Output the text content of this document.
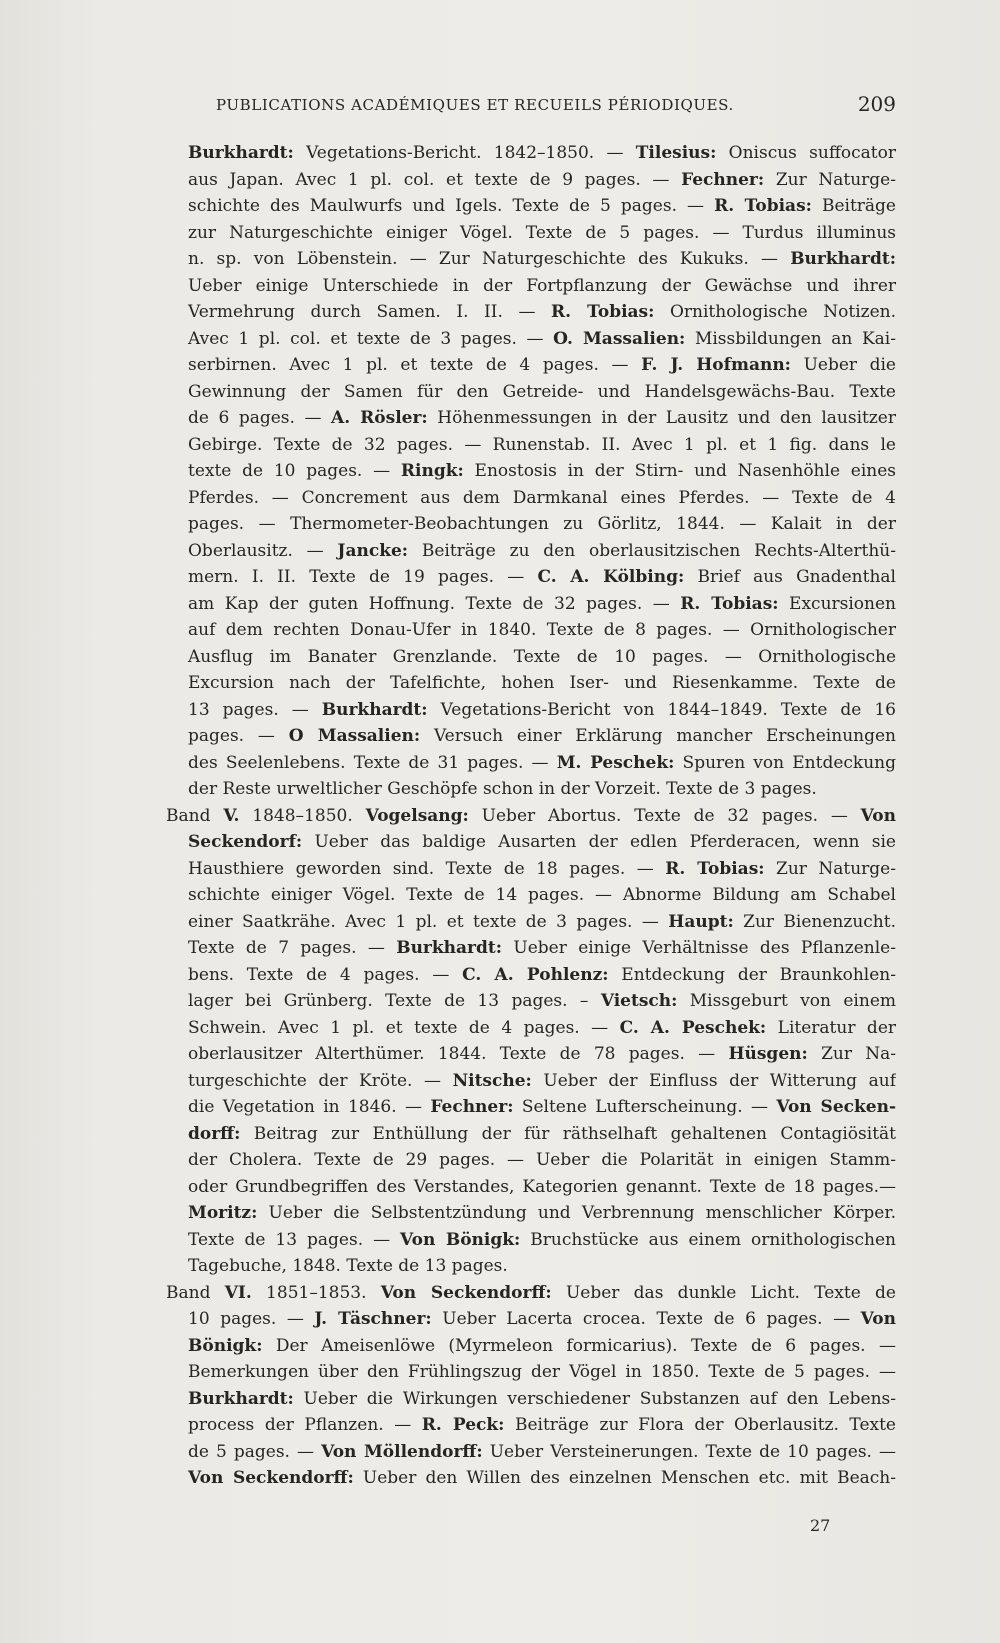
PUBLICATIONS ACADÉMIQUES ET RECUEILS PÉRIODIQUES.	209
Burkhardt: Vegetations-Bericht. 1842–1850. — Tilesius: Oniscus suffocator
aus Japan. Avec 1 pl. col. et texte de 9 pages. — Fechner: Zur Naturge-
schichte des Maulwurfs und Igels. Texte de 5 pages. — R. Tobias: Beiträge
zur Naturgeschichte einiger Vögel. Texte de 5 pages. — Turdus illuminus
n. sp. von Löbenstein. — Zur Naturgeschichte des Kukuks. — Burkhardt:
Ueber einige Unterschiede in der Fortpflanzung der Gewächse und ihrer
Vermehrung durch Samen. I. II. — R. Tobias: Ornithologische Notizen.
Avec 1 pl. col. et texte de 3 pages. — O. Massalien: Missbildungen an Kai-
serbirnen. Avec 1 pl. et texte de 4 pages. — F. J. Hofmann: Ueber die
Gewinnung der Samen für den Getreide- und Handelsgewächs-Bau. Texte
de 6 pages. — A. Rösler: Höhenmessungen in der Lausitz und den lausitzer
Gebirge. Texte de 32 pages. — Runenstab. II. Avec 1 pl. et 1 fig. dans le
texte de 10 pages. — Ringk: Enostosis in der Stirn- und Nasenhöhle eines
Pferdes. — Concrement aus dem Darmkanal eines Pferdes. — Texte de 4
pages. — Thermometer-Beobachtungen zu Görlitz, 1844. — Kalait in der
Oberlausitz. — Jancke: Beiträge zu den oberlausitzischen Rechts-Alterthü-
mern. I. II. Texte de 19 pages. — C. A. Kölbing: Brief aus Gnadenthal
am Kap der guten Hoffnung. Texte de 32 pages. — R. Tobias: Excursionen
auf dem rechten Donau-Ufer in 1840. Texte de 8 pages. — Ornithologischer
Ausflug im Banater Grenzlande. Texte de 10 pages. — Ornithologische
Excursion nach der Tafelfichte, hohen Iser- und Riesenkamme. Texte de
13 pages. — Burkhardt: Vegetations-Bericht von 1844–1849. Texte de 16
pages. — O Massalien: Versuch einer Erklärung mancher Erscheinungen
des Seelenlebens. Texte de 31 pages. — M. Peschek: Spuren von Entdeckung
der Reste urweltlicher Geschöpfe schon in der Vorzeit. Texte de 3 pages.
Band V. 1848–1850. Vogelsang: Ueber Abortus. Texte de 32 pages. — Von
Seckendorf: Ueber das baldige Ausarten der edlen Pferderacen, wenn sie
Hausthiere geworden sind. Texte de 18 pages. — R. Tobias: Zur Naturge-
schichte einiger Vögel. Texte de 14 pages. — Abnorme Bildung am Schabel
einer Saatkrähe. Avec 1 pl. et texte de 3 pages. — Haupt: Zur Bienenzucht.
Texte de 7 pages. — Burkhardt: Ueber einige Verhältnisse des Pflanzenle-
bens. Texte de 4 pages. — C. A. Pohlenz: Entdeckung der Braunkohlen-
lager bei Grünberg. Texte de 13 pages. – Vietsch: Missgeburt von einem
Schwein. Avec 1 pl. et texte de 4 pages. — C. A. Peschek: Literatur der
oberlausitzer Alterthümer. 1844. Texte de 78 pages. — Hüsgen: Zur Na-
turgeschichte der Kröte. — Nitsche: Ueber der Einfluss der Witterung auf
die Vegetation in 1846. — Fechner: Seltene Lufterscheinung. — Von Secken-
dorff: Beitrag zur Enthüllung der für räthselhaft gehaltenen Contagiösität
der Cholera. Texte de 29 pages. — Ueber die Polarität in einigen Stamm-
oder Grundbegriffen des Verstandes, Kategorien genannt. Texte de 18 pages.—
Moritz: Ueber die Selbstentzündung und Verbrennung menschlicher Körper.
Texte de 13 pages. — Von Bönigk: Bruchstücke aus einem ornithologischen
Tagebuche, 1848. Texte de 13 pages.
Band VI. 1851–1853. Von Seckendorff: Ueber das dunkle Licht. Texte de
10 pages. — J. Täschner: Ueber Lacerta crocea. Texte de 6 pages. — Von
Bönigk: Der Ameisenlöwe (Myrmeleon formicarius). Texte de 6 pages. —
Bemerkungen über den Frühlingszug der Vögel in 1850. Texte de 5 pages. —
Burkhardt: Ueber die Wirkungen verschiedener Substanzen auf den Lebens-
process der Pflanzen. — R. Peck: Beiträge zur Flora der Oberlausitz. Texte
de 5 pages. — Von Möllendorff: Ueber Versteinerungen. Texte de 10 pages. —
Von Seckendorff: Ueber den Willen des einzelnen Menschen etc. mit Beach-
27
